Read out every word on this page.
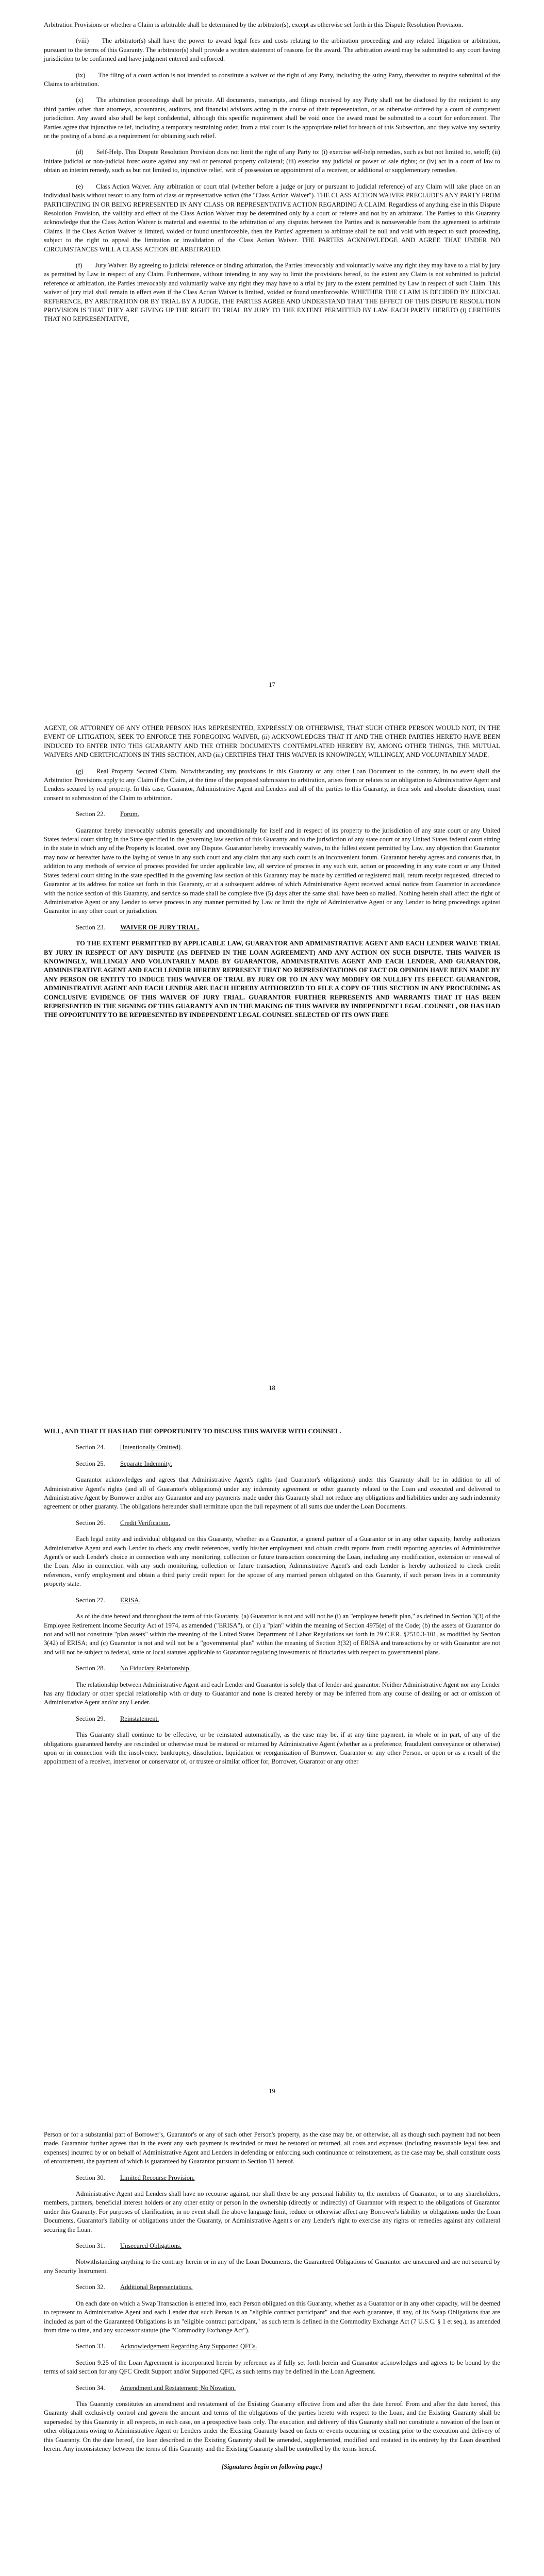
Arbitration Provisions or whether a Claim is arbitrable shall be determined by the arbitrator(s), except as otherwise set forth in this Dispute Resolution Provision.

(viii)  The arbitrator(s) shall have the power to award legal fees and costs relating to the arbitration proceeding and any related litigation or arbitration, pursuant to the terms of this Guaranty. The arbitrator(s) shall provide a written statement of reasons for the award. The arbitration award may be submitted to any court having jurisdiction to be confirmed and have judgment entered and enforced.

(ix)  The filing of a court action is not intended to constitute a waiver of the right of any Party, including the suing Party, thereafter to require submittal of the Claims to arbitration.

(x)  The arbitration proceedings shall be private. All documents, transcripts, and filings received by any Party shall not be disclosed by the recipient to any third parties other than attorneys, accountants, auditors, and financial advisors acting in the course of their representation, or as otherwise ordered by a court of competent jurisdiction. Any award also shall be kept confidential, although this specific requirement shall be void once the award must be submitted to a court for enforcement. The Parties agree that injunctive relief, including a temporary restraining order, from a trial court is the appropriate relief for breach of this Subsection, and they waive any security or the posting of a bond as a requirement for obtaining such relief.

(d)  Self-Help. This Dispute Resolution Provision does not limit the right of any Party to: (i) exercise self-help remedies, such as but not limited to, setoff; (ii) initiate judicial or non-judicial foreclosure against any real or personal property collateral; (iii) exercise any judicial or power of sale rights; or (iv) act in a court of law to obtain an interim remedy, such as but not limited to, injunctive relief, writ of possession or appointment of a receiver, or additional or supplementary remedies.

(e)  Class Action Waiver. Any arbitration or court trial (whether before a judge or jury or pursuant to judicial reference) of any Claim will take place on an individual basis without resort to any form of class or representative action (the "Class Action Waiver"). THE CLASS ACTION WAIVER PRECLUDES ANY PARTY FROM PARTICIPATING IN OR BEING REPRESENTED IN ANY CLASS OR REPRESENTATIVE ACTION REGARDING A CLAIM. Regardless of anything else in this Dispute Resolution Provision, the validity and effect of the Class Action Waiver may be determined only by a court or referee and not by an arbitrator. The Parties to this Guaranty acknowledge that the Class Action Waiver is material and essential to the arbitration of any disputes between the Parties and is nonseverable from the agreement to arbitrate Claims. If the Class Action Waiver is limited, voided or found unenforceable, then the Parties' agreement to arbitrate shall be null and void with respect to such proceeding, subject to the right to appeal the limitation or invalidation of the Class Action Waiver. THE PARTIES ACKNOWLEDGE AND AGREE THAT UNDER NO CIRCUMSTANCES WILL A CLASS ACTION BE ARBITRATED.

(f)  Jury Waiver. By agreeing to judicial reference or binding arbitration, the Parties irrevocably and voluntarily waive any right they may have to a trial by jury as permitted by Law in respect of any Claim. Furthermore, without intending in any way to limit the provisions hereof, to the extent any Claim is not submitted to judicial reference or arbitration, the Parties irrevocably and voluntarily waive any right they may have to a trial by jury to the extent permitted by Law in respect of such Claim. This waiver of jury trial shall remain in effect even if the Class Action Waiver is limited, voided or found unenforceable. WHETHER THE CLAIM IS DECIDED BY JUDICIAL REFERENCE, BY ARBITRATION OR BY TRIAL BY A JUDGE, THE PARTIES AGREE AND UNDERSTAND THAT THE EFFECT OF THIS DISPUTE RESOLUTION PROVISION IS THAT THEY ARE GIVING UP THE RIGHT TO TRIAL BY JURY TO THE EXTENT PERMITTED BY LAW. EACH PARTY HERETO (i) CERTIFIES THAT NO REPRESENTATIVE,

17

AGENT, OR ATTORNEY OF ANY OTHER PERSON HAS REPRESENTED, EXPRESSLY OR OTHERWISE, THAT SUCH OTHER PERSON WOULD NOT, IN THE EVENT OF LITIGATION, SEEK TO ENFORCE THE FOREGOING WAIVER, (ii) ACKNOWLEDGES THAT IT AND THE OTHER PARTIES HERETO HAVE BEEN INDUCED TO ENTER INTO THIS GUARANTY AND THE OTHER DOCUMENTS CONTEMPLATED HEREBY BY, AMONG OTHER THINGS, THE MUTUAL WAIVERS AND CERTIFICATIONS IN THIS SECTION, AND (iii) CERTIFIES THAT THIS WAIVER IS KNOWINGLY, WILLINGLY, AND VOLUNTARILY MADE.

(g)  Real Property Secured Claim. Notwithstanding any provisions in this Guaranty or any other Loan Document to the contrary, in no event shall the Arbitration Provisions apply to any Claim if the Claim, at the time of the proposed submission to arbitration, arises from or relates to an obligation to Administrative Agent and Lenders secured by real property. In this case, Guarantor, Administrative Agent and Lenders and all of the parties to this Guaranty, in their sole and absolute discretion, must consent to submission of the Claim to arbitration.

Section 22. Forum.

Guarantor hereby irrevocably submits generally and unconditionally for itself and in respect of its property to the jurisdiction of any state court or any United States federal court sitting in the State specified in the governing law section of this Guaranty and to the jurisdiction of any state court or any United States federal court sitting in the state in which any of the Property is located, over any Dispute. Guarantor hereby irrevocably waives, to the fullest extent permitted by Law, any objection that Guarantor may now or hereafter have to the laying of venue in any such court and any claim that any such court is an inconvenient forum. Guarantor hereby agrees and consents that, in addition to any methods of service of process provided for under applicable law, all service of process in any such suit, action or proceeding in any state court or any United States federal court sitting in the state specified in the governing law section of this Guaranty may be made by certified or registered mail, return receipt requested, directed to Guarantor at its address for notice set forth in this Guaranty, or at a subsequent address of which Administrative Agent received actual notice from Guarantor in accordance with the notice section of this Guaranty, and service so made shall be complete five (5) days after the same shall have been so mailed. Nothing herein shall affect the right of Administrative Agent or any Lender to serve process in any manner permitted by Law or limit the right of Administrative Agent or any Lender to bring proceedings against Guarantor in any other court or jurisdiction.

Section 23. WAIVER OF JURY TRIAL.

TO THE EXTENT PERMITTED BY APPLICABLE LAW, GUARANTOR AND ADMINISTRATIVE AGENT AND EACH LENDER WAIVE TRIAL BY JURY IN RESPECT OF ANY DISPUTE (AS DEFINED IN THE LOAN AGREEMENT) AND ANY ACTION ON SUCH DISPUTE. THIS WAIVER IS KNOWINGLY, WILLINGLY AND VOLUNTARILY MADE BY GUARANTOR, ADMINISTRATIVE AGENT AND EACH LENDER, AND GUARANTOR, ADMINISTRATIVE AGENT AND EACH LENDER HEREBY REPRESENT THAT NO REPRESENTATIONS OF FACT OR OPINION HAVE BEEN MADE BY ANY PERSON OR ENTITY TO INDUCE THIS WAIVER OF TRIAL BY JURY OR TO IN ANY WAY MODIFY OR NULLIFY ITS EFFECT. GUARANTOR, ADMINISTRATIVE AGENT AND EACH LENDER ARE EACH HEREBY AUTHORIZED TO FILE A COPY OF THIS SECTION IN ANY PROCEEDING AS CONCLUSIVE EVIDENCE OF THIS WAIVER OF JURY TRIAL. GUARANTOR FURTHER REPRESENTS AND WARRANTS THAT IT HAS BEEN REPRESENTED IN THE SIGNING OF THIS GUARANTY AND IN THE MAKING OF THIS WAIVER BY INDEPENDENT LEGAL COUNSEL, OR HAS HAD THE OPPORTUNITY TO BE REPRESENTED BY INDEPENDENT LEGAL COUNSEL SELECTED OF ITS OWN FREE

18

WILL, AND THAT IT HAS HAD THE OPPORTUNITY TO DISCUSS THIS WAIVER WITH COUNSEL.

Section 24. [Intentionally Omitted].
Section 25. Separate Indemnity.

Guarantor acknowledges and agrees that Administrative Agent's rights (and Guarantor's obligations) under this Guaranty shall be in addition to all of Administrative Agent's rights (and all of Guarantor's obligations) under any indemnity agreement or other guaranty related to the Loan and executed and delivered to Administrative Agent by Borrower and/or any Guarantor and any payments made under this Guaranty shall not reduce any obligations and liabilities under any such indemnity agreement or other guaranty. The obligations hereunder shall terminate upon the full repayment of all sums due under the Loan Documents.

Section 26. Credit Verification.

Each legal entity and individual obligated on this Guaranty, whether as a Guarantor, a general partner of a Guarantor or in any other capacity, hereby authorizes Administrative Agent and each Lender to check any credit references, verify his/her employment and obtain credit reports from credit reporting agencies of Administrative Agent's or such Lender's choice in connection with any monitoring, collection or future transaction concerning the Loan, including any modification, extension or renewal of the Loan. Also in connection with any such monitoring, collection or future transaction, Administrative Agent's and each Lender is hereby authorized to check credit references, verify employment and obtain a third party credit report for the spouse of any married person obligated on this Guaranty, if such person lives in a community property state.

Section 27. ERISA.

As of the date hereof and throughout the term of this Guaranty, (a) Guarantor is not and will not be (i) an "employee benefit plan," as defined in Section 3(3) of the Employee Retirement Income Security Act of 1974, as amended ("ERISA"), or (ii) a "plan" within the meaning of Section 4975(e) of the Code; (b) the assets of Guarantor do not and will not constitute "plan assets" within the meaning of the United States Department of Labor Regulations set forth in 29 C.F.R. §2510.3-101, as modified by Section 3(42) of ERISA; and (c) Guarantor is not and will not be a "governmental plan" within the meaning of Section 3(32) of ERISA and transactions by or with Guarantor are not and will not be subject to federal, state or local statutes applicable to Guarantor regulating investments of fiduciaries with respect to governmental plans.

Section 28. No Fiduciary Relationship.

The relationship between Administrative Agent and each Lender and Guarantor is solely that of lender and guarantor. Neither Administrative Agent nor any Lender has any fiduciary or other special relationship with or duty to Guarantor and none is created hereby or may be inferred from any course of dealing or act or omission of Administrative Agent and/or any Lender.

Section 29. Reinstatement.

This Guaranty shall continue to be effective, or be reinstated automatically, as the case may be, if at any time payment, in whole or in part, of any of the obligations guaranteed hereby are rescinded or otherwise must be restored or returned by Administrative Agent (whether as a preference, fraudulent conveyance or otherwise) upon or in connection with the insolvency, bankruptcy, dissolution, liquidation or reorganization of Borrower, Guarantor or any other Person, or upon or as a result of the appointment of a receiver, intervenor or conservator of, or trustee or similar officer for, Borrower, Guarantor or any other

19

Person or for a substantial part of Borrower's, Guarantor's or any of such other Person's property, as the case may be, or otherwise, all as though such payment had not been made. Guarantor further agrees that in the event any such payment is rescinded or must be restored or returned, all costs and expenses (including reasonable legal fees and expenses) incurred by or on behalf of Administrative Agent and Lenders in defending or enforcing such continuance or reinstatement, as the case may be, shall constitute costs of enforcement, the payment of which is guaranteed by Guarantor pursuant to Section 11 hereof.

Section 30. Limited Recourse Provision.

Administrative Agent and Lenders shall have no recourse against, nor shall there be any personal liability to, the members of Guarantor, or to any shareholders, members, partners, beneficial interest holders or any other entity or person in the ownership (directly or indirectly) of Guarantor with respect to the obligations of Guarantor under this Guaranty. For purposes of clarification, in no event shall the above language limit, reduce or otherwise affect any Borrower's liability or obligations under the Loan Documents, Guarantor's liability or obligations under the Guaranty, or Administrative Agent's or any Lender's right to exercise any rights or remedies against any collateral securing the Loan.

Section 31. Unsecured Obligations.

Notwithstanding anything to the contrary herein or in any of the Loan Documents, the Guaranteed Obligations of Guarantor are unsecured and are not secured by any Security Instrument.

Section 32. Additional Representations.

On each date on which a Swap Transaction is entered into, each Person obligated on this Guaranty, whether as a Guarantor or in any other capacity, will be deemed to represent to Administrative Agent and each Lender that such Person is an "eligible contract participant" and that each guarantee, if any, of its Swap Obligations that are included as part of the Guaranteed Obligations is an "eligible contract participant," as such term is defined in the Commodity Exchange Act (7 U.S.C. § 1 et seq.), as amended from time to time, and any successor statute (the "Commodity Exchange Act").

Section 33. Acknowledgement Regarding Any Supported QFCs.

Section 9.25 of the Loan Agreement is incorporated herein by reference as if fully set forth herein and Guarantor acknowledges and agrees to be bound by the terms of said section for any QFC Credit Support and/or Supported QFC, as such terms may be defined in the Loan Agreement.

Section 34. Amendment and Restatement; No Novation.

This Guaranty constitutes an amendment and restatement of the Existing Guaranty effective from and after the date hereof. From and after the date hereof, this Guaranty shall exclusively control and govern the amount and terms of the obligations of the parties hereto with respect to the Loan, and the Existing Guaranty shall be superseded by this Guaranty in all respects, in each case, on a prospective basis only. The execution and delivery of this Guaranty shall not constitute a novation of the loan or other obligations owing to Administrative Agent or Lenders under the Existing Guaranty based on facts or events occurring or existing prior to the execution and delivery of this Guaranty. On the date hereof, the loan described in the Existing Guaranty shall be amended, supplemented, modified and restated in its entirety by the Loan described herein. Any inconsistency between the terms of this Guaranty and the Existing Guaranty shall be controlled by the terms hereof.

[Signatures begin on following page.]
